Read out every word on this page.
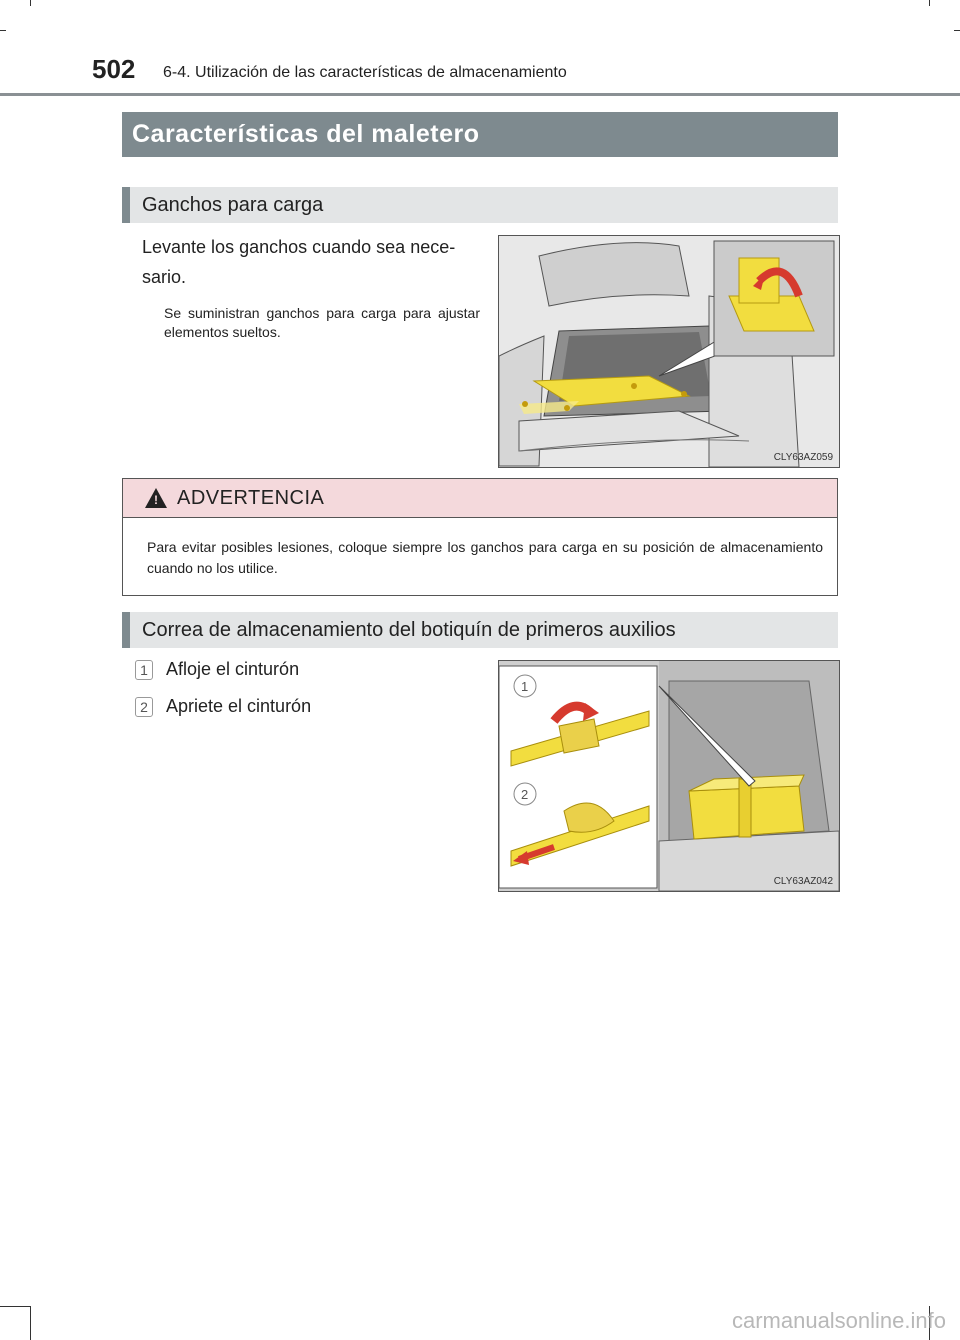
502 6-4. Utilización de las características de almacenamiento
Características del maletero
Ganchos para carga
Levante los ganchos cuando sea nece-sario.
Se suministran ganchos para carga para ajustar elementos sueltos.
CLY63AZ059
! ADVERTENCIA
Para evitar posibles lesiones, coloque siempre los ganchos para carga en su posición de almacenamiento cuando no los utilice.
Correa de almacenamiento del botiquín de primeros auxilios
1 Afloje el cinturón
2 Apriete el cinturón
1
2
CLY63AZ042
carmanualsonline.info
